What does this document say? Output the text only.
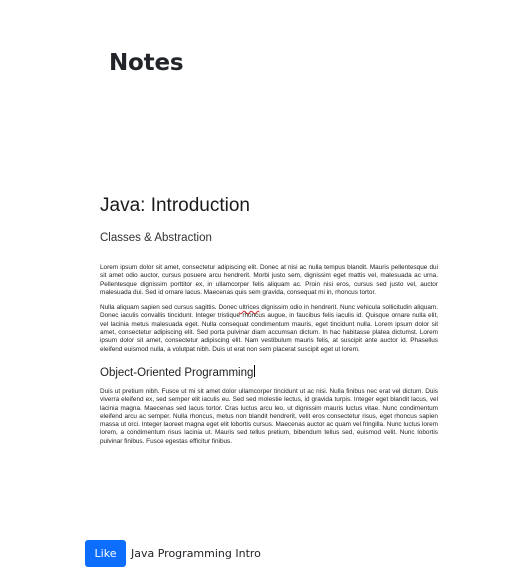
Notes
Java: Introduction
Classes & Abstraction

Lorem ipsum dolor sit amet, consectetur adipiscing elit. Donec at nisi ac nulla tempus blandit. Mauris pellentesque dui sit amet odio auctor, cursus posuere arcu hendrerit. Morbi justo sem, dignissim eget mattis vel, malesuada ac urna. Pellentesque dignissim porttitor ex, in ullamcorper felis aliquam ac. Proin nisi eros, cursus sed justo vel, auctor malesuada dui. Sed id ornare lacus. Maecenas quis sem gravida, consequat mi in, rhoncus tortor.

Nulla aliquam sapien sed cursus sagittis. Donec ultrices dignissim odio in hendrerit. Nunc vehicula sollicitudin aliquam. Donec iaculis convallis tincidunt. Integer tristique rhoncus augue, in faucibus felis iaculis id. Quisque ornare nulla elit, vel lacinia metus malesuada eget. Nulla consequat condimentum mauris, eget tincidunt nulla. Lorem ipsum dolor sit amet, consectetur adipiscing elit. Sed porta pulvinar diam accumsan dictum. In hac habitasse platea dictumst. Lorem ipsum dolor sit amet, consectetur adipiscing elit. Nam vestibulum mauris felis, at suscipit ante auctor id. Phasellus eleifend euismod nulla, a volutpat nibh. Duis ut erat non sem placerat suscipit eget ut lorem.

Object-Oriented Programming

Duis ut pretium nibh. Fusce ut mi sit amet dolor ullamcorper tincidunt ut ac nisi. Nulla finibus nec erat vel dictum. Duis viverra eleifend ex, sed semper elit iaculis eu. Sed sed molestie lectus, id gravida turpis. Integer eget blandit lacus, vel lacinia magna. Maecenas sed lacus tortor. Cras luctus arcu leo, ut dignissim mauris luctus vitae. Nunc condimentum eleifend arcu ac semper. Nulla rhoncus, metus non blandit hendrerit, velit eros consectetur risus, eget rhoncus sapien massa ut orci. Integer laoreet magna eget elit lobortis cursus. Maecenas auctor ac quam vel fringilla. Nunc luctus lorem lorem, a condimentum risus lacinia ut. Mauris sed tellus pretium, bibendum tellus sed, euismod velit. Nunc lobortis pulvinar finibus. Fusce egestas efficitur finibus.

Like	Java Programming Intro
